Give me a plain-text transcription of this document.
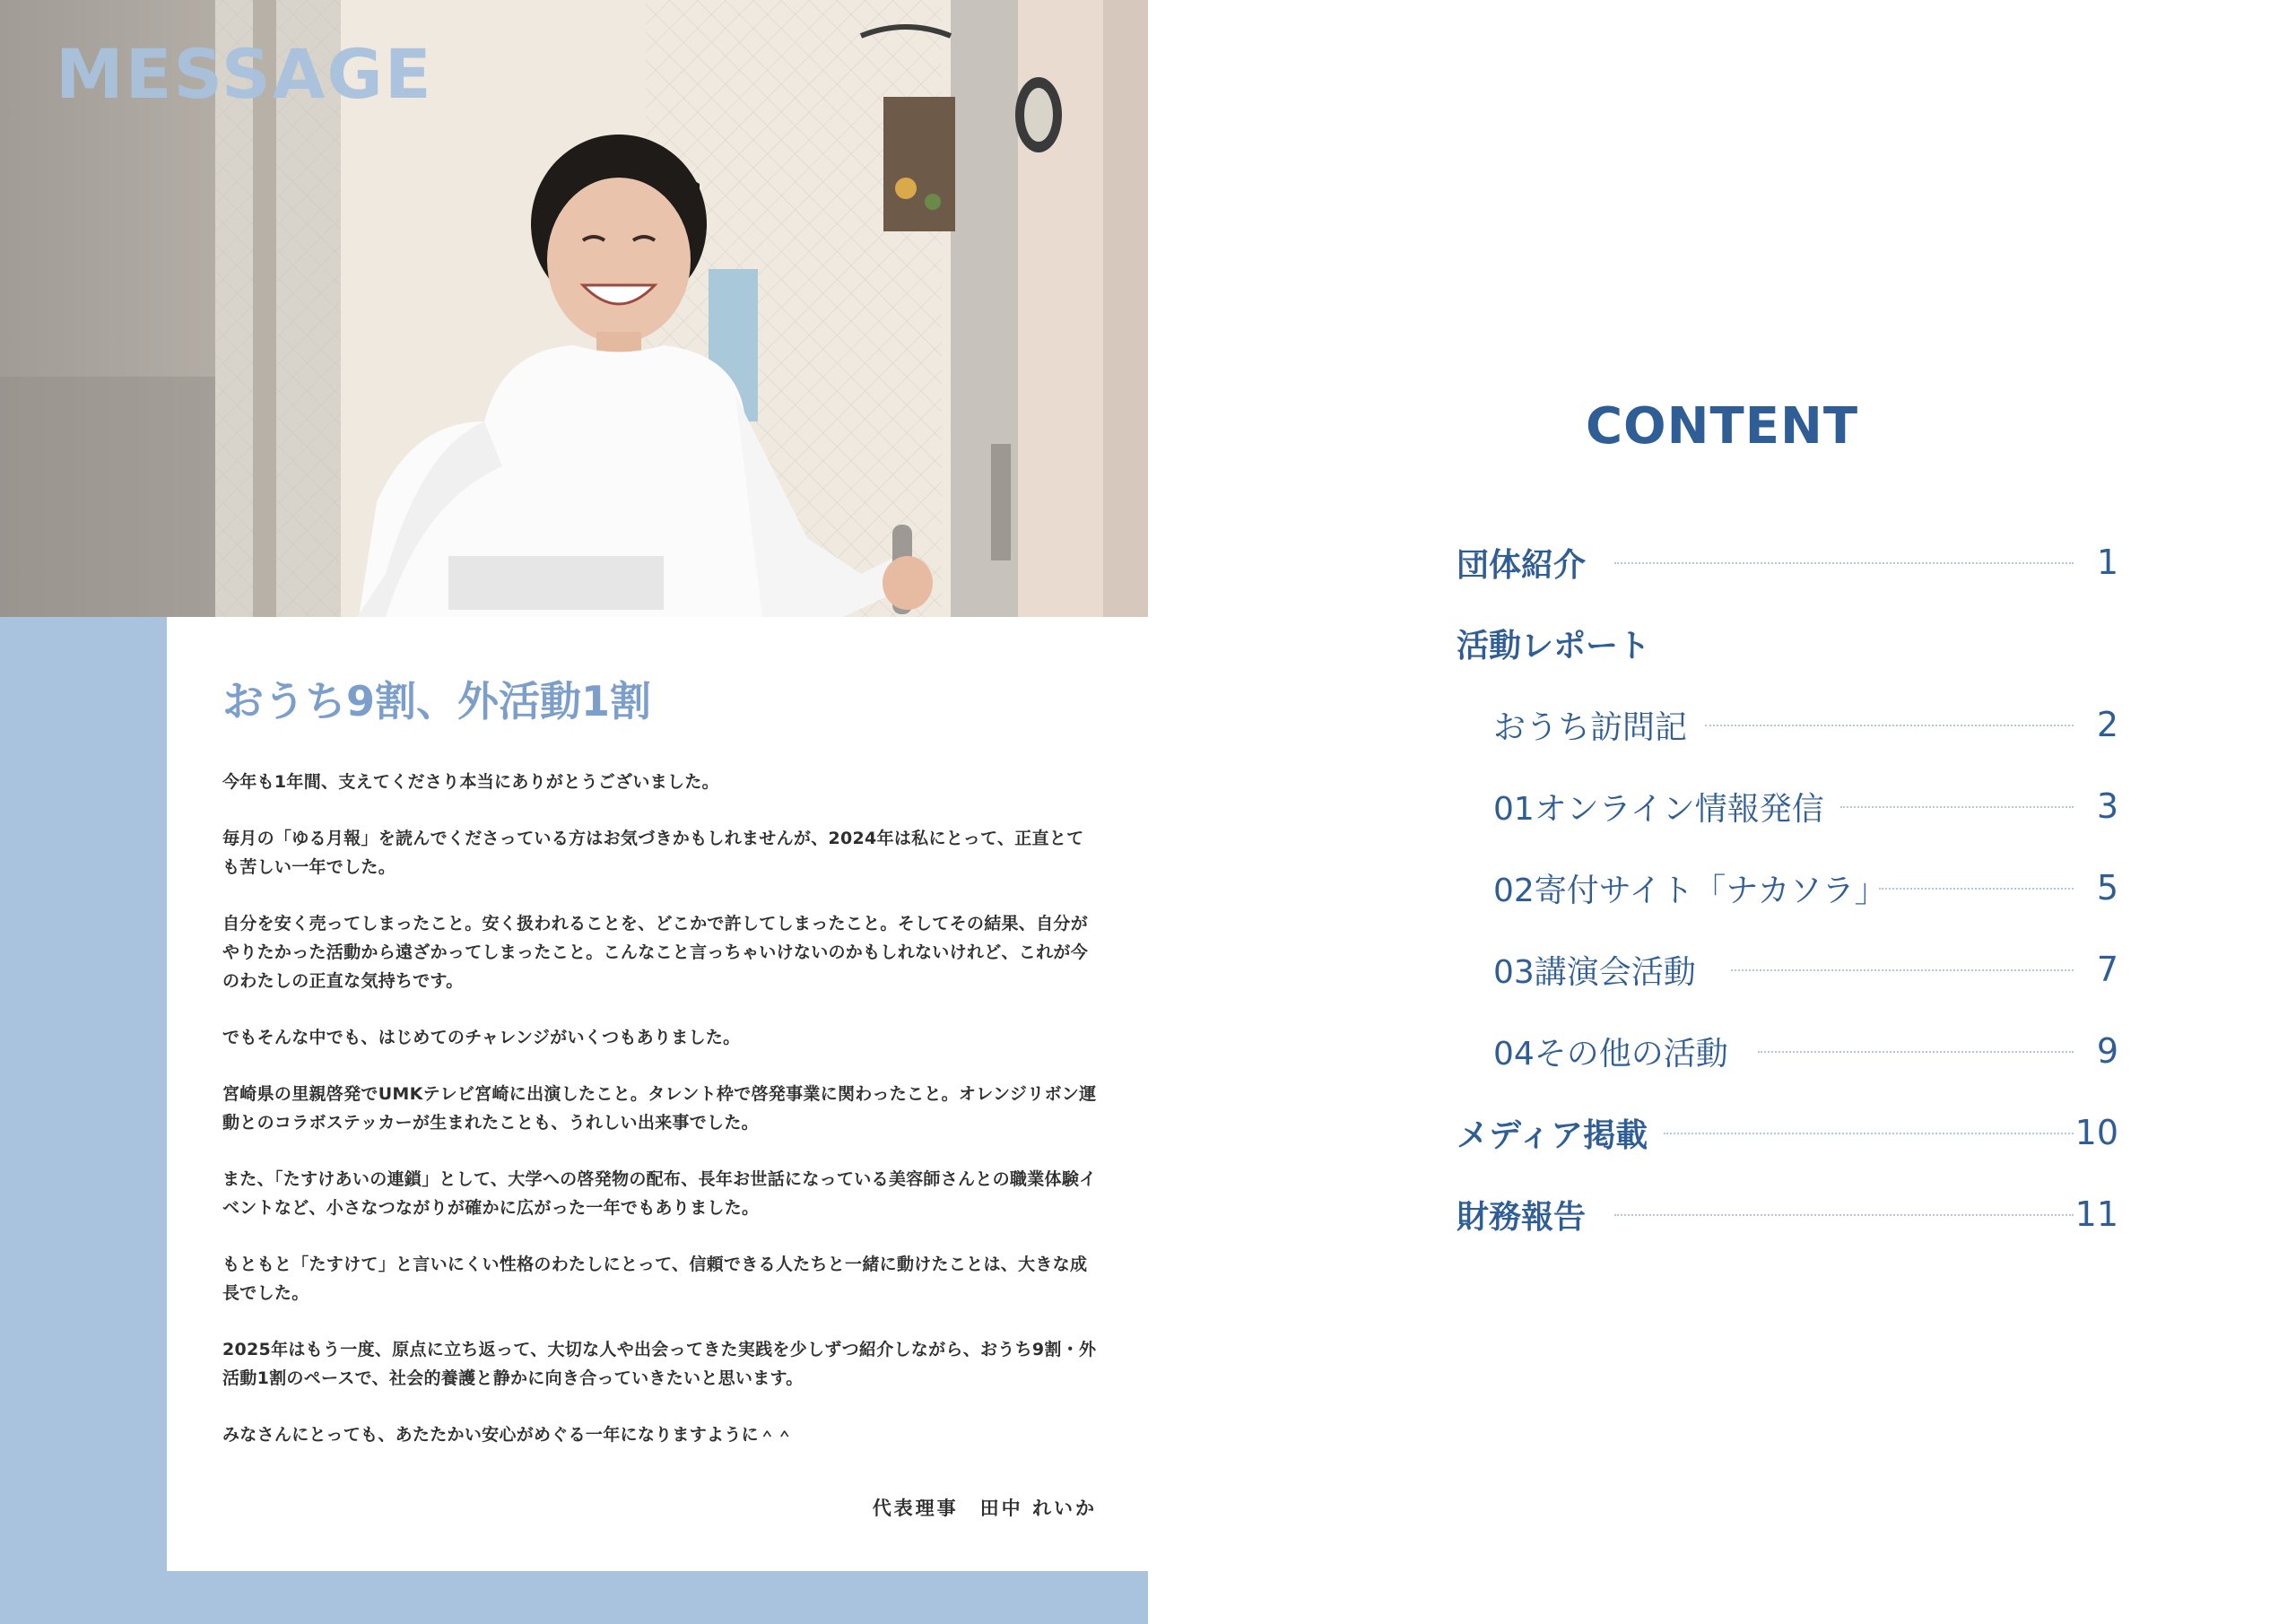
MESSAGE
おうち9割、外活動1割

今年も1年間、支えてくださり本当にありがとうございました。

毎月の「ゆる月報」を読んでくださっている方はお気づきかもしれませんが、2024年は私にとって、正直とても苦しい一年でした。

自分を安く売ってしまったこと。安く扱われることを、どこかで許してしまったこと。そしてその結果、自分がやりたかった活動から遠ざかってしまったこと。こんなこと言っちゃいけないのかもしれないけれど、これが今のわたしの正直な気持ちです。

でもそんな中でも、はじめてのチャレンジがいくつもありました。

宮崎県の里親啓発でUMKテレビ宮崎に出演したこと。タレント枠で啓発事業に関わったこと。オレンジリボン運動とのコラボステッカーが生まれたことも、うれしい出来事でした。

また、「たすけあいの連鎖」として、大学への啓発物の配布、長年お世話になっている美容師さんとの職業体験イベントなど、小さなつながりが確かに広がった一年でもありました。

もともと「たすけて」と言いにくい性格のわたしにとって、信頼できる人たちと一緒に動けたことは、大きな成長でした。

2025年はもう一度、原点に立ち返って、大切な人や出会ってきた実践を少しずつ紹介しながら、おうち9割・外活動1割のペースで、社会的養護と静かに向き合っていきたいと思います。

みなさんにとっても、あたたかい安心がめぐる一年になりますように＾＾

代表理事　田中 れいか

CONTENT
団体紹介	1
活動レポート
おうち訪問記	2
01オンライン情報発信	3
02寄付サイト「ナカソラ」	5
03講演会活動	7
04その他の活動	9
メディア掲載	10
財務報告	11
